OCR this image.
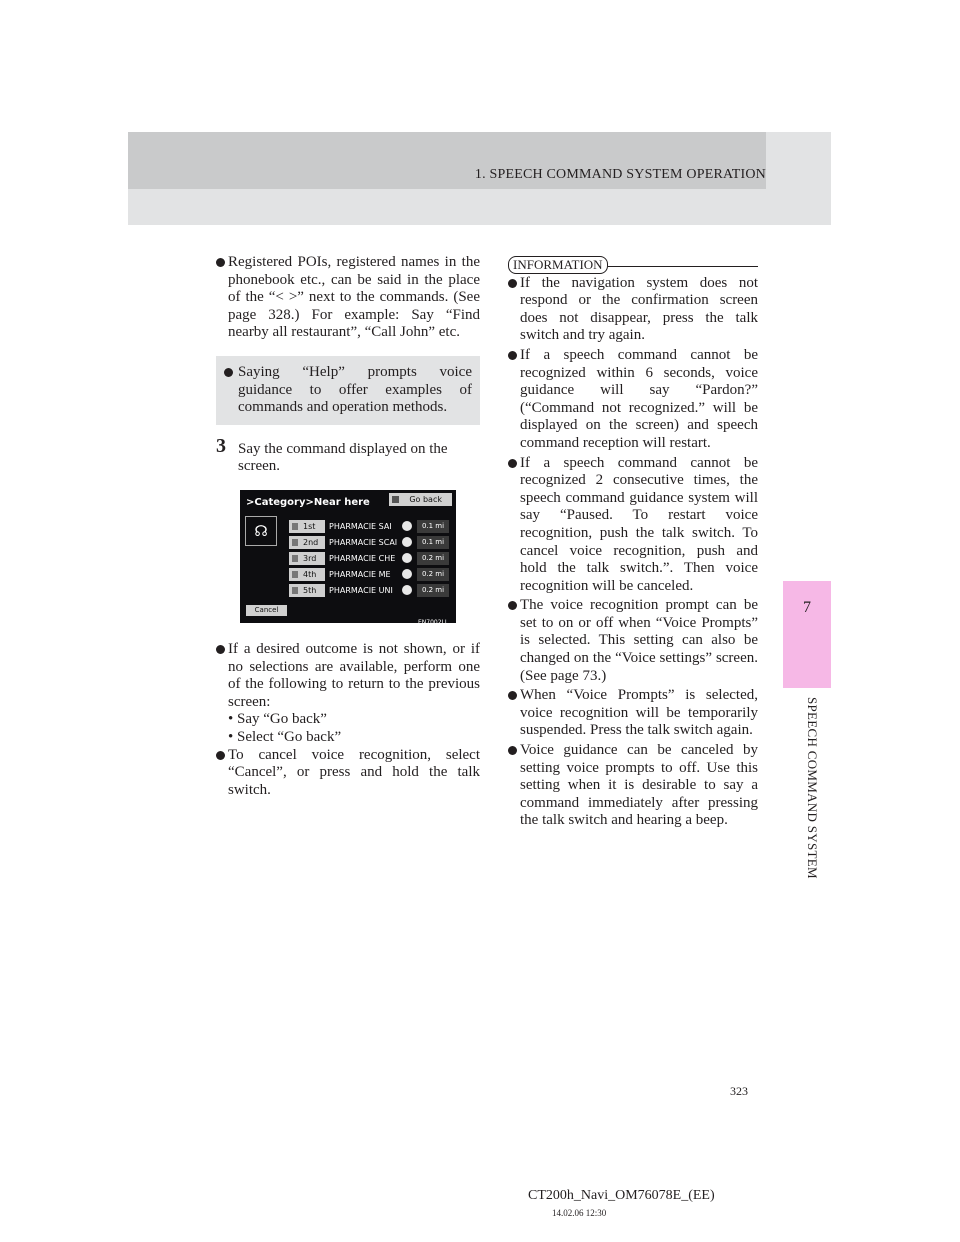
1. SPEECH COMMAND SYSTEM OPERATION
7
SPEECH COMMAND SYSTEM

Registered POIs, registered names in the phonebook etc., can be said in the place of the “< >” next to the commands. (See page 328.) For example: Say “Find nearby all restaurant”, “Call John” etc.

Saying “Help” prompts voice guidance to offer examples of commands and operation methods.

3 Say the command displayed on the screen.
>Category>Near here	Go back
☊	1st	PHARMACIE SAI	0.1 mi
2nd	PHARMACIE SCAI	0.1 mi
3rd	PHARMACIE CHE	0.2 mi
4th	PHARMACIE ME	0.2 mi
5th	PHARMACIE UNI	0.2 mi
Cancel
EN7002LI

If a desired outcome is not shown, or if no selections are available, perform one of the following to return to the previous screen:

• Say “Go back”

• Select “Go back”

To cancel voice recognition, select “Cancel”, or press and hold the talk switch.

INFORMATION

If the navigation system does not respond or the confirmation screen does not disappear, press the talk switch and try again.

If a speech command cannot be recognized within 6 seconds, voice guidance will say “Pardon?” (“Command not recognized.” will be displayed on the screen) and speech command reception will restart.

If a speech command cannot be recognized 2 consecutive times, the speech command guidance system will say “Paused. To restart voice recognition, push the talk switch. To cancel voice recognition, push and hold the talk switch.”. Then voice recognition will be canceled.

The voice recognition prompt can be set to on or off when “Voice Prompts” is selected. This setting can also be changed on the “Voice settings” screen. (See page 73.)

When “Voice Prompts” is selected, voice recognition will be temporarily suspended. Press the talk switch again.

Voice guidance can be canceled by setting voice prompts to off. Use this setting when it is desirable to say a command immediately after pressing the talk switch and hearing a beep.

323
CT200h_Navi_OM76078E_(EE)
14.02.06 12:30
